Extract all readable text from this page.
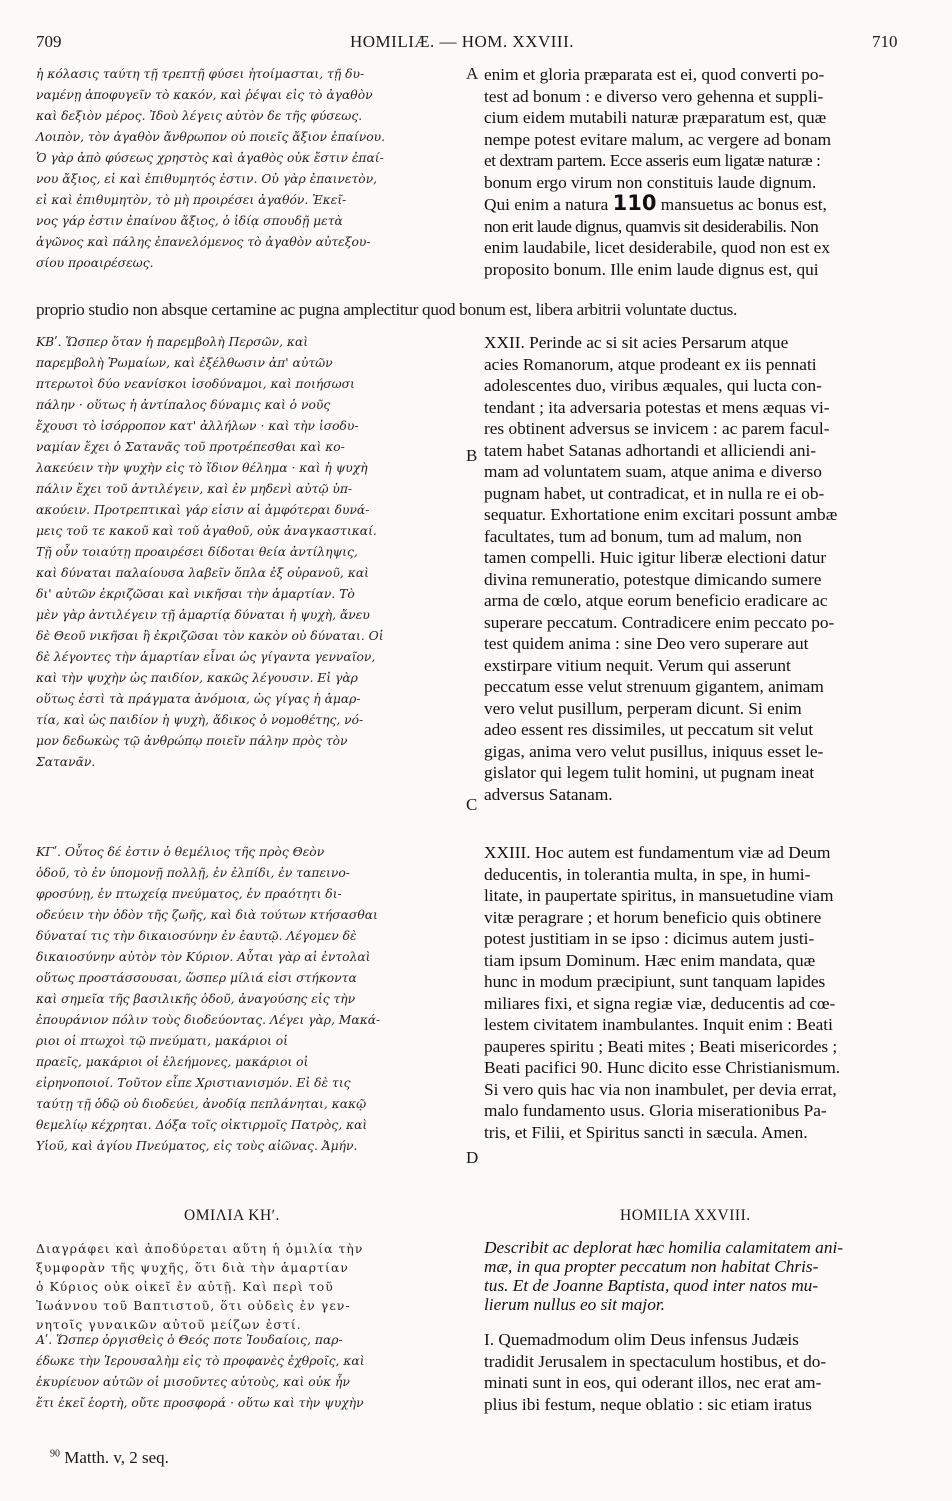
709	HOMILIÆ. — HOM. XXVIII.	710

ἡ κόλασις ταύτη τῇ τρεπτῇ φύσει ἡτοίμασται, τῇ δυ-

ναμένῃ ἀποφυγεῖν τὸ κακόν, καὶ ῥέψαι εἰς τὸ ἀγαθὸν

καὶ δεξιὸν μέρος. Ἰδοὺ λέγεις αὐτὸν δε τῆς φύσεως.

Λοιπὸν, τὸν ἀγαθὸν ἄνθρωπον οὐ ποιεῖς ἄξιον ἐπαίνου.

Ὁ γὰρ ἀπὸ φύσεως χρηστὸς καὶ ἀγαθὸς οὐκ ἔστιν ἐπαί-

νου ἄξιος, εἰ καὶ ἐπιθυμητός ἐστιν. Οὐ γὰρ ἐπαινετὸν,

εἰ καὶ ἐπιθυμητὸν, τὸ μὴ προιρέσει ἀγαθόν. Ἐκεῖ-

νος γάρ ἐστιν ἐπαίνου ἄξιος, ὁ ἰδίᾳ σπουδῇ μετὰ

ἀγῶνος καὶ πάλης ἐπανελόμενος τὸ ἀγαθὸν αὐτεξου-

σίου προαιρέσεως.

enim et gloria præparata est ei, quod converti po-

test ad bonum : e diverso vero gehenna et suppli-

cium eidem mutabili naturæ præparatum est, quæ

nempe potest evitare malum, ac vergere ad bonam

et dextram partem. Ecce asseris eum ligatæ naturæ :

bonum ergo virum non constituis laude dignum.

Qui enim a natura 110 mansuetus ac bonus est,

non erit laude dignus, quamvis sit desiderabilis. Non

enim laudabile, licet desiderabile, quod non est ex

proposito bonum. Ille enim laude dignus est, qui

A
proprio studio non absque certamine ac pugna amplectitur quod bonum est, libera arbitrii voluntate ductus.

ΚΒʹ. Ὥσπερ ὅταν ἡ παρεμβολὴ Περσῶν, καὶ

παρεμβολὴ Ῥωμαίων, καὶ ἐξέλθωσιν ἀπ' αὐτῶν

πτερωτοὶ δύο νεανίσκοι ἰσοδύναμοι, καὶ ποιήσωσι

πάλην · οὕτως ἡ ἀντίπαλος δύναμις καὶ ὁ νοῦς

ἔχουσι τὸ ἰσόρροπον κατ' ἀλλήλων · καὶ τὴν ἰσοδυ-

ναμίαν ἔχει ὁ Σατανᾶς τοῦ προτρέπεσθαι καὶ κο-

λακεύειν τὴν ψυχὴν εἰς τὸ ἴδιον θέλημα · καὶ ἡ ψυχὴ

πάλιν ἔχει τοῦ ἀντιλέγειν, καὶ ἐν μηδενὶ αὐτῷ ὑπ-

ακούειν. Προτρεπτικαὶ γάρ εἰσιν αἱ ἀμφότεραι δυνά-

μεις τοῦ τε κακοῦ καὶ τοῦ ἀγαθοῦ, οὐκ ἀναγκαστικαί.

Τῇ οὖν τοιαύτῃ προαιρέσει δίδοται θεία ἀντίληψις,

καὶ δύναται παλαίουσα λαβεῖν ὅπλα ἐξ οὐρανοῦ, καὶ

δι' αὐτῶν ἐκριζῶσαι καὶ νικῆσαι τὴν ἁμαρτίαν. Τὸ

μὲν γὰρ ἀντιλέγειν τῇ ἁμαρτίᾳ δύναται ἡ ψυχὴ, ἄνευ

δὲ Θεοῦ νικῆσαι ἢ ἐκριζῶσαι τὸν κακὸν οὐ δύναται. Οἱ

δὲ λέγοντες τὴν ἁμαρτίαν εἶναι ὡς γίγαντα γενναῖον,

καὶ τὴν ψυχὴν ὡς παιδίον, κακῶς λέγουσιν. Εἰ γὰρ

οὕτως ἐστὶ τὰ πράγματα ἀνόμοια, ὡς γίγας ἡ ἁμαρ-

τία, καὶ ὡς παιδίον ἡ ψυχὴ, ἄδικος ὁ νομοθέτης, νό-

μον δεδωκὼς τῷ ἀνθρώπῳ ποιεῖν πάλην πρὸς τὸν

Σατανᾶν.

XXII. Perinde ac si sit acies Persarum atque

acies Romanorum, atque prodeant ex iis pennati

adolescentes duo, viribus æquales, qui lucta con-

tendant ; ita adversaria potestas et mens æquas vi-

res obtinent adversus se invicem : ac parem facul-

tatem habet Satanas adhortandi et alliciendi ani-

mam ad voluntatem suam, atque anima e diverso

pugnam habet, ut contradicat, et in nulla re ei ob-

sequatur. Exhortatione enim excitari possunt ambæ

facultates, tum ad bonum, tum ad malum, non

tamen compelli. Huic igitur liberæ electioni datur

divina remuneratio, potestque dimicando sumere

arma de cœlo, atque eorum beneficio eradicare ac

superare peccatum. Contradicere enim peccato po-

test quidem anima : sine Deo vero superare aut

exstirpare vitium nequit. Verum qui asserunt

peccatum esse velut strenuum gigantem, animam

vero velut pusillum, perperam dicunt. Si enim

adeo essent res dissimiles, ut peccatum sit velut

gigas, anima vero velut pusillus, iniquus esset le-

gislator qui legem tulit homini, ut pugnam ineat

adversus Satanam.

B
C

ΚΓʹ. Οὗτος δέ ἐστιν ὁ θεμέλιος τῆς πρὸς Θεὸν

ὁδοῦ, τὸ ἐν ὑπομονῇ πολλῇ, ἐν ἐλπίδι, ἐν ταπεινο-

φροσύνῃ, ἐν πτωχείᾳ πνεύματος, ἐν πραότητι δι-

οδεύειν τὴν ὁδὸν τῆς ζωῆς, καὶ διὰ τούτων κτήσασθαι

δύναταί τις τὴν δικαιοσύνην ἐν ἑαυτῷ. Λέγομεν δὲ

δικαιοσύνην αὐτὸν τὸν Κύριον. Αὗται γὰρ αἱ ἐντολαὶ

οὕτως προστάσσουσαι, ὥσπερ μίλιά εἰσι στήκοντα

καὶ σημεῖα τῆς βασιλικῆς ὁδοῦ, ἀναγούσης εἰς τὴν

ἐπουράνιον πόλιν τοὺς διοδεύοντας. Λέγει γὰρ, Μακά-

ριοι οἱ πτωχοὶ τῷ πνεύματι, μακάριοι οἱ

πραεῖς, μακάριοι οἱ ἐλεήμονες, μακάριοι οἱ

εἰρηνοποιοί. Τοῦτον εἶπε Χριστιανισμόν. Εἰ δὲ τις

ταύτῃ τῇ ὁδῷ οὐ διοδεύει, ἀνοδίᾳ πεπλάνηται, κακῷ

θεμελίῳ κέχρηται. Δόξα τοῖς οἰκτιρμοῖς Πατρὸς, καὶ

Υἱοῦ, καὶ ἁγίου Πνεύματος, εἰς τοὺς αἰῶνας. Ἀμήν.

XXIII. Hoc autem est fundamentum viæ ad Deum

deducentis, in tolerantia multa, in spe, in humi-

litate, in paupertate spiritus, in mansuetudine viam

vitæ peragrare ; et horum beneficio quis obtinere

potest justitiam in se ipso : dicimus autem justi-

tiam ipsum Dominum. Hæc enim mandata, quæ

hunc in modum præcipiunt, sunt tanquam lapides

miliares fixi, et signa regiæ viæ, deducentis ad cœ-

lestem civitatem inambulantes. Inquit enim : Beati

pauperes spiritu ; Beati mites ; Beati misericordes ;

Beati pacifici 90. Hunc dicito esse Christianismum.

Si vero quis hac via non inambulet, per devia errat,

malo fundamento usus. Gloria miserationibus Pa-

tris, et Filii, et Spiritus sancti in sæcula. Amen.

D
ΟΜΙΛΙΑ ΚΗʹ.	HOMILIA XXVIII.

Διαγράφει καὶ ἀποδύρεται αὕτη ἡ ὁμιλία τὴν

ξυμφορὰν τῆς ψυχῆς, ὅτι διὰ τὴν ἁμαρτίαν

ὁ Κύριος οὐκ οἰκεῖ ἐν αὐτῇ. Καὶ περὶ τοῦ

Ἰωάννου τοῦ Βαπτιστοῦ, ὅτι οὐδεὶς ἐν γεν-

νητοῖς γυναικῶν αὐτοῦ μείζων ἐστί.

Describit ac deplorat hæc homilia calamitatem ani-

mæ, in qua propter peccatum non habitat Chris-

tus. Et de Joanne Baptista, quod inter natos mu-

lierum nullus eo sit major.

Αʹ. Ὥσπερ ὀργισθεὶς ὁ Θεός ποτε Ἰουδαίοις, παρ-

έδωκε τὴν Ἱερουσαλὴμ εἰς τὸ προφανὲς ἐχθροῖς, καὶ

ἐκυρίευον αὐτῶν οἱ μισοῦντες αὐτοὺς, καὶ οὐκ ἦν

ἔτι ἐκεῖ ἑορτὴ, οὔτε προσφορά · οὕτω καὶ τὴν ψυχὴν

I. Quemadmodum olim Deus infensus Judæis

tradidit Jerusalem in spectaculum hostibus, et do-

minati sunt in eos, qui oderant illos, nec erat am-

plius ibi festum, neque oblatio : sic etiam iratus

$^{90}$ Matth. v, 2 seq.
